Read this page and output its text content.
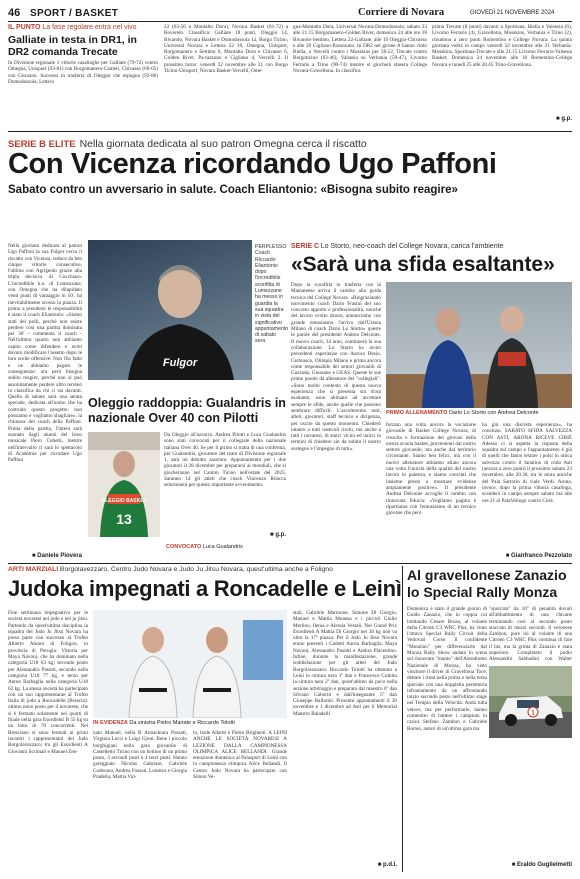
46 SPORT / BASKET	Corriere di Novara	GIOVEDÌ 21 NOVEMBRE 2024
IL PUNTO La fase regolare entra nel vivo
Galliate in testa in DR1, in DR2 comanda Trecate
In Divisione regionale 1 vittorie casalinghe per Galliate (79-72) contro Omegna, Unisport (93-81) con Borgomanero-Cameri, Chivasso (69-65) con Gozzano. Successi in trasferta di Oleggio che espugna (92-86) Domodossola, Lettera
22 (63-56 a Montalto Dora), Novara Basket (81-72) a Rovereto. Classifica: Galliate 18 punti, Oleggio 14, Rivarolo, Novara Basket e Domodossola 12, Borgo Ticino, Universal Novara e Lettera 22 10, Omegna, Unisport, Borgomanero e Settimo 8, Montalto Dora e Chivasso 6, Golden River, Pa-razzuno e Cigliano 4, Vercelli 2. Il prossimo turno: venerdì 22 novembre alle 21 con Borgo Ticino-Unisport, Novara Basket-Vercelli, Ome-
gna-Montalto Dora, Universal Novara-Domodossola; sabato 23 alle 21.15 Borgomanero-Golden River, domenica 24 alle ore 18 Rivarolo-Settimo, Lettera 22-Galliate, alle 19 Oleggio-Chivasso e alle 20 Cigliano-Parazzuno. In DR2 nel girone A hanno vinto Biella, a Vercelli contro i Mosskins per 58-52, Trecate contro Borgoticino (63-46), Valsesia su Verbania (59-47), Livorno Ferraris a Trino (90-74) mentre si giocherà stasera College Novara-Gravellona. In classifica
prima Trecate (8 punti) davanti a Sportiana, Biella e Valsesia (6), Livorno Ferraris (4), Gravellona, Mosskins, Verbania e Trino (2), chiudono a zero punti Romentino e College Novara. La quinta giornata vedrà in campo venerdì 22 novembre alle 21 Verbania-Mosskins, Sportiana-Trecate e alle 21.15 Livorno Ferraris-Valsesia Basket; Domenica 24 novembre alle 18 Romentino-College Novara e lunedì 25 alle 20.45 Trino-Gravellona.
■ g.p.
SERIE B ELITE Nella giornata dedicata al suo patron Omegna cerca il riscatto
Con Vicenza ricordando Ugo Paffoni
Sabato contro un avversario in salute. Coach Eliantonio: «Bisogna subito reagire»
Nella giornata dedicata al patron Ugo Paffoni la sua Fulgor cerca il riscatto con Vicenza, reduce da ben cinque vittorie consecutive, l'ultima con Agrigento grazie alla tripla decisiva di Cucchiaro. L'incredibile k.o. di Lumezzane, con Omegna che ha dilapidato venti punti di vantaggio in 10', ha inevitabilmente scosso la piazza. Il primo a prendersi le responsabilità è stato il coach Eliantonio: «Siamo stati dei polli, perchè non esiste perdere così una partita dominata per 30' - commenta il coach - Nell'ultimo quarto non abbiamo capito come difendere e avrei dovuto modificare l'assetto dopo le loro scelte offensive. Non l'ho fatto e ne abbiamo pagato le conseguenze: ora però bisogna subito reagire, perché non si può assolutamente perdere altro terreno in classifica da chi ci sta davanti. Quella di sabato sarà una serata speciale, dedicata all'uomo che ha costruito questo progetto: non possiamo e vogliamo sbagliare». la chiusura del coach della Paffoni. Prima della partita, l'intera sarà suonato dagli alunni del liceo musicale Piero Cobetti, mentre nell'intervallo ci sarà lo spettacolo di Academia per ricordare Ugo Paffoni
■ Daniele Piovera
Fulgor
PERPLESSO Coach Riccardo Eliantonio dopo l'incredibile sconfitta di Lumezzane ha messo in guardia la sua squadra in vista del significativo appuntamento di sabato sera
Oleggio raddoppia: Gualandris in nazionale Over 40 con Pilotti
OLEGGIO BASKET
13
Da Oleggio all'azzurro. Andrea Pilotti e Luca Gualandris sono stati convocati per il collegiale della nazionale italiana Over 40. Se per il primo si tratta di una conferma, per Gualandris, giocatore del team di Divisione regionale 1, sarà un debutto assoluto. Appuntamento per i due giocatori il 28 dicembre per prepararsi ai mondiali, che si giocheranno nel Canton Ticino nell'estate del 2025. Saranno 14 gli atleti che coach Vincenzo Ritacca selezionerà per questo importante avvenimento.
■ g.p.
CONVOCATO Luca Gualandris
SERIE C Lo Storto, neo-coach del College Novara, carica l'ambiente
«Sarà una sfida esaltante»
Dopo la sconfitta in trasferta con la Mamateese arriva il cambio alla guida tecnica del College Novara. «Ringraziando movimento coach Dario Frasini del suo concreto apporto e professionalità, nonché del lavoro svolto sinora, annunciamo con grande entusiasmo l'arrivo dall'Urania Milano di coach Dario Lo Storto» queste le parole del presidente Andrea Delconte. Il nuovo coach, 34 anni, continuerà la sua collaborazione. Lo Storto ha avuto precedenti esperienze con Aurora Desio, Cermusco, Olimpia Milano e prima ancora come responsabile dei settori giovanili di Gazzada, Giussano e GEAS. Queste le sue prime parole da allenatore dei "collegiali": «Sono molto contento di questa nuova esperienza che si presenta sin d'ora esaltante, sono abituato ad accettare sempre le sfide, anche quelle che possono sembrare difficili. L'ascolteremo tutti, atleti, giocatori, staff tecnico e dirigenza, per uscire da questo momento. Chiederò intanto a tutti notevoli rischi, ma anche a tutti i novaresi, di starci vicini ed unirci in termini di chiedere sin da subito il nostro sostegno e l'impegno di tutti».
PRIMO ALLENAMENTO Dario Lo Storto con Andrea Delconte
forzato una volta ancora la vocazione giovanile di Basket College Novara, di crescita e formazione dei giovani della nostra scuola basket, provenienti dal nostro settore giovanile, ma anche dal territorio circostante. Siamo ben felici, ma con il nuovo allenatore abbiamo aliato ancora una volta l'unicità della qualità del nostro lavoro in palestra, e siamo convinti che insieme presto a mostrare evidenze ampiamente positive». Il presidente Andrea Delconte accoglie il cambio con rinnovata fiducia: «Vogliamo pagina e ripartiamo con l'entusiasmo di un tecnico giovane che però
ha già una discreta esperienza», ha concluso. SABATO SFIDA SALVEZZA CON ASTI, ARONA RICEVE CIRIÈ Adesso ci si aspetta la risposta della squadra sul campo e l'appuntamento è già di quelli che fanno testare i polsi in ottica salvezza contro il fanalino di coda Asti (ancora a zero punti) il prossimo sabato 23 novembre, alle 20.30, tra le mura amiche del Pala Sartorio di viale Verdi. Arona, invece, dopo la prima vittoria casalinga, scenderà in campo sempre sabato ma alle ore 21 al PalaVelingo contro Ciriè.
■ Gianfranco Pezzolato
ARTI MARZIALI Borgolavezzaro, Centro Judo Novara e Judo Ju Jitsu Novara, quest'ultima anche a Foligno
Judoka impegnati a Roncadelle e Leinì
Fine settimana impegnativo per le società novaresi nel judo e nel ju jitsu. Partendo da quest'ultima disciplina la squadra del Judo Ju Jitsu Novara ha preso parte con successo al Trofeo Alberto Alunni di Foligno, in provincia di Perugia. Vittoria per Maya Navoni, che ha dominato nella categoria U18 63 kg; secondo posto per Alessandro Pasotti, secondo nella categoria U18 77 kg, e terzo per Aaron Barbaglia nella categoria U18 62 kg. La stessa società ha partecipato con un suo rappresentante al Trofeo Italia di judo a Roncadelle (Brescia): ottimo nono posto per il novarese, che si è fermato solamente nei quarti di finale nella gara Esordienti B 55 kg su un lotto di 70 concorrenti. Nel Bresciano si sono fermati ai primi incontri i rappresentanti del Judo Borgolavezzaro; tra gli Esordienti A Giovanni Scrimali e Manuel Zen-
IN EVIDENZA Da sinistra Pietro Mairate e Riccardo Tolotti
nato Manuel, nella B Annachiara Possati, Virginia Lucci e Luigi Gjoni. Bene i piccolo borghigiani nella gara giovanile di Castelletto Ticino con un bottino di un primo posto, 3 secondi posti e 4 terzi posti. Hanno gareggiato Nicolas Gabriani, Gabriele Codecasa, Andrea Fossati, Lorenzo e Giorgia Pradella, Mattia Vul-
lo, Iside Alberti e Pietro Brighenti. A LEINÌ ANCHE LE SOCIETÀ NOVARESI A LEZIONE DALLA CAMPIONESSA OLIMPICA ALICE BELLANDI. Grande emozione domenica al Palasport di Leinì con la campionessa olimpica Alice Bellandi. Il Centro Judo Novara ha partecipato con Simon Ve-
stali, Gabriele Marinone, Simone Di Giorgio, Manuel e Mattia Monesa e i piccoli Giulio Merlino, Ilenia e Alessia Vestali. Nel Grand Prix Esordienti A Mattia Di Giorgio nei 36 kg non va oltre la 17ª piazza. Per il Judo Ju Jitsu Novara erano presenti i Cadetti Aaron Barbaglia, Maya Navoni, Alessandro Pasotti e Ambra Placentino. Infine, durante la manifestazione, grande soddisfazione per gli atleti del Judo Borgolavezzaro: Riccardo Tolotti ha ottenuto a Leinì la cintura nera 1º dan e Francesco Colnitu la cintura nera 2º dan, quest'ultimo da poco nella sezione arbitraggio e preparato dal maestro 6º dan Silvano Gaboriti e dall'insegnante 5º dan Giuseppe Ballarini. Prossimi appuntamenti il 30 novembre e 1 dicembre ad Asti per il Memorial Maestro Baladelli
■ p.d.l.
Al gravellonese Zanazio lo Special Rally Monza
Domenica è stato il grande giorno di Guido Zanazio, che in coppia col lombardo Cesare Brusa, al volante della Citroen C3 WRC Plus, ha vinto l'ottavo Special Rally Circuit della Vedovati Corse. Il confidente "Monzino" per differenziarlo dal Monza Rally Show andato in scena sul rinnovato "manto" dell'Autodromo Nazionale di Monza, ha visto vincitore il driver di Gravellona Toce, dettare i ritmi nella prima e nella terza speciale con una doppietta perentoria infrantamento da un affrontando inizio secondo posto nell'ultimo stage nel Tempio della Velocità. Anda tutta veloce, ma per performarle, hanno comentito di battere i campioni in carica Stefano Zambon e Gabriele Romei, autori di un'ottima gara ma
1
"sporcata" da 10" di penalità dovuti all'abbattimento di una chicane terminando così al secondo posto staccato di mezzi secondi. Il veronese Zambon, pure lui al volante di una Citroen C3 WRC Plus continua di fare il bis, ma la grinta di Zanazio è stata superiore. Completato il podio Alessandro Sabbadini con Walter
■ Eraldo Guglielmetti
